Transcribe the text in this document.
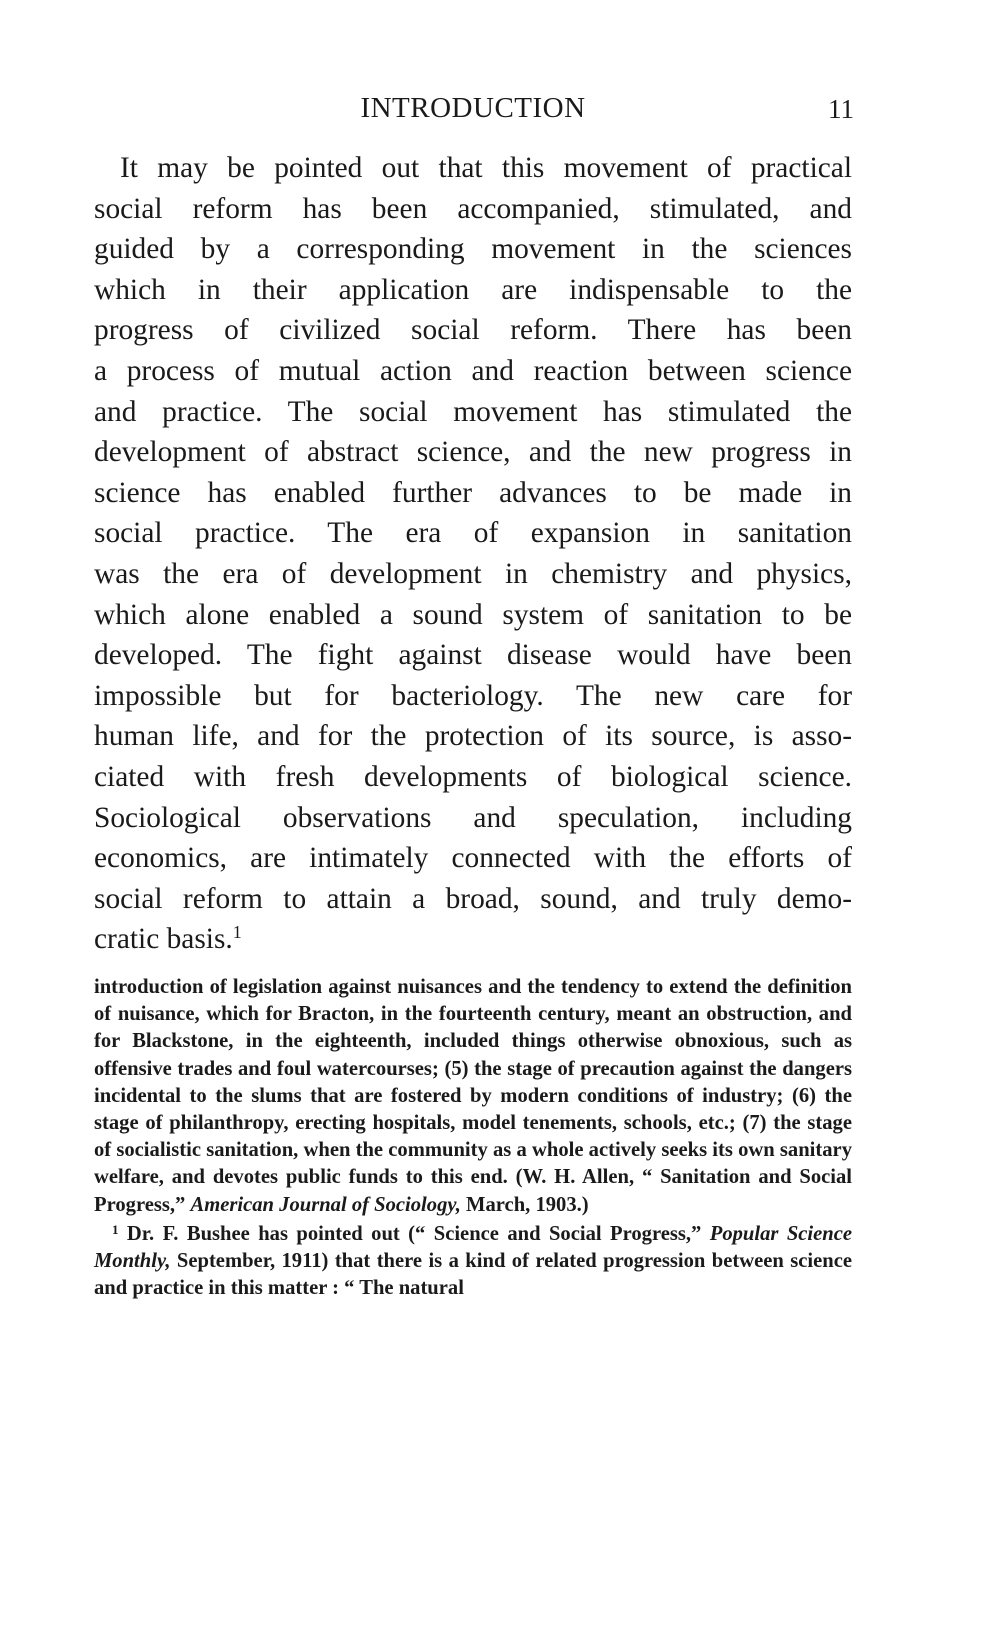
INTRODUCTION	11
It may be pointed out that this movement of practical
social reform has been accompanied, stimulated, and
guided by a corresponding movement in the sciences
which in their application are indispensable to the
progress of civilized social reform. There has been
a process of mutual action and reaction between science
and practice. The social movement has stimulated the
development of abstract science, and the new progress in
science has enabled further advances to be made in
social practice. The era of expansion in sanitation
was the era of development in chemistry and physics,
which alone enabled a sound system of sanitation to be
developed. The fight against disease would have been
impossible but for bacteriology. The new care for
human life, and for the protection of its source, is asso-
ciated with fresh developments of biological science.
Sociological observations and speculation, including
economics, are intimately connected with the efforts of
social reform to attain a broad, sound, and truly demo-
cratic basis.$^1$

introduction of legislation against nuisances and the tendency to extend the definition of nuisance, which for Bracton, in the fourteenth century, meant an obstruction, and for Blackstone, in the eighteenth, included things otherwise obnoxious, such as offensive trades and foul watercourses; (5) the stage of precaution against the dangers incidental to the slums that are fostered by modern conditions of industry; (6) the stage of philanthropy, erecting hospitals, model tenements, schools, etc.; (7) the stage of socialistic sanitation, when the community as a whole actively seeks its own sanitary welfare, and devotes public funds to this end. (W. H. Allen, “ Sanitation and Social Progress,” American Journal of Sociology, March, 1903.)

$^1$ Dr. F. Bushee has pointed out (“ Science and Social Progress,” Popular Science Monthly, September, 1911) that there is a kind of related progression between science and practice in this matter : “ The natural
